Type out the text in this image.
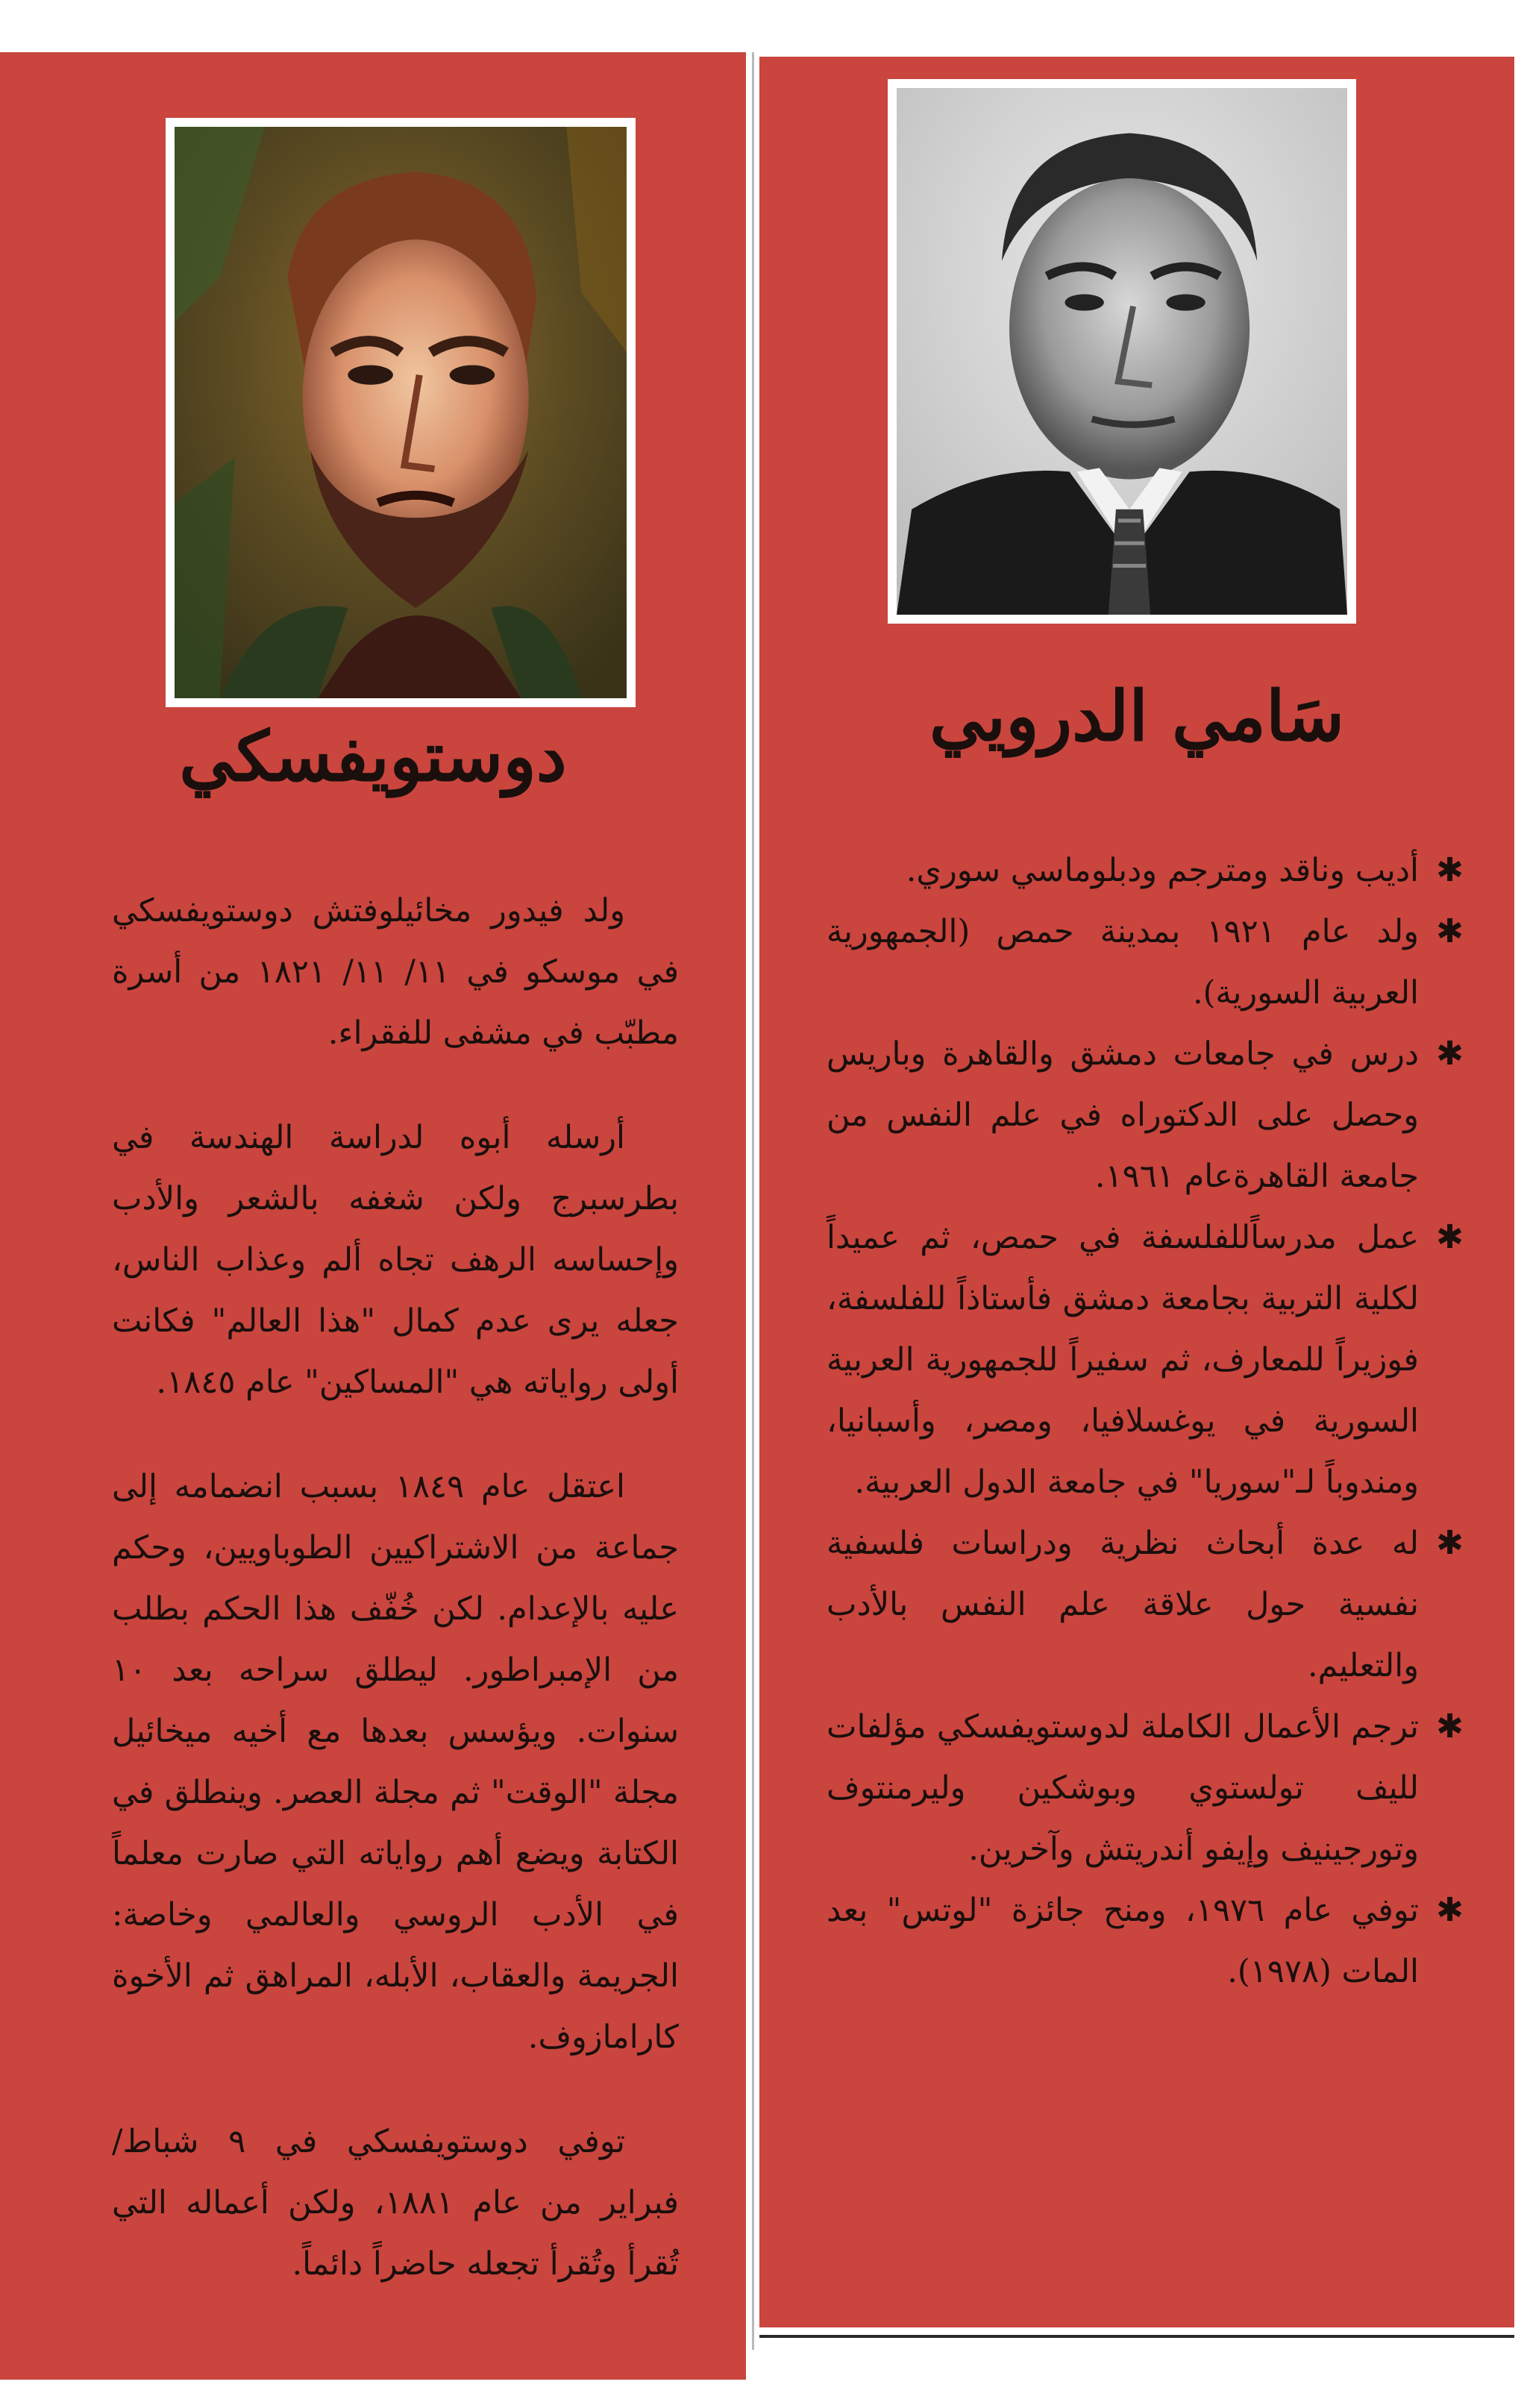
دوستويفسكي

ولد فيدور مخائيلوفتش دوستويفسكي في موسكو في ١١/ ١١/ ١٨٢١ من أسرة مطبّب في مشفى للفقراء.

أرسله أبوه لدراسة الهندسة في بطرسبرج ولكن شغفه بالشعر والأدب وإحساسه الرهف تجاه ألم وعذاب الناس، جعله يرى عدم كمال "هذا العالم" فكانت أولى رواياته هي "المساكين" عام ١٨٤٥.

اعتقل عام ١٨٤٩ بسبب انضمامه إلى جماعة من الاشتراكيين الطوباويين، وحكم عليه بالإعدام. لكن خُفّف هذا الحكم بطلب من الإمبراطور. ليطلق سراحه بعد ١٠ سنوات. ويؤسس بعدها مع أخيه ميخائيل مجلة "الوقت" ثم مجلة العصر. وينطلق في الكتابة ويضع أهم رواياته التي صارت معلماً في الأدب الروسي والعالمي وخاصة: الجريمة والعقاب، الأبله، المراهق ثم الأخوة كارامازوف.

توفي دوستويفسكي في ٩ شباط/ فبراير من عام ١٨٨١، ولكن أعماله التي تُقرأ وتُقرأ تجعله حاضراً دائماً.

سَامي الدرويي
✱
أديب وناقد ومترجم ودبلوماسي سوري.
✱
ولد عام ١٩٢١ بمدينة حمص (الجمهورية العربية السورية).
✱
درس في جامعات دمشق والقاهرة وباريس وحصل على الدكتوراه في علم النفس من جامعة القاهرةعام ١٩٦١.
✱
عمل مدرساًللفلسفة في حمص، ثم عميداً لكلية التربية بجامعة دمشق فأستاذاً للفلسفة، فوزيراً للمعارف، ثم سفيراً للجمهورية العربية السورية في يوغسلافيا، ومصر، وأسبانيا، ومندوباً لـ"سوريا" في جامعة الدول العربية.
✱
له عدة أبحاث نظرية ودراسات فلسفية نفسية حول علاقة علم النفس بالأدب والتعليم.
✱
ترجم الأعمال الكاملة لدوستويفسكي مؤلفات لليف تولستوي وبوشكين وليرمنتوف وتورجينيف وإيفو أندريتش وآخرين.
✱
توفي عام ١٩٧٦، ومنح جائزة "لوتس" بعد المات (١٩٧٨).
